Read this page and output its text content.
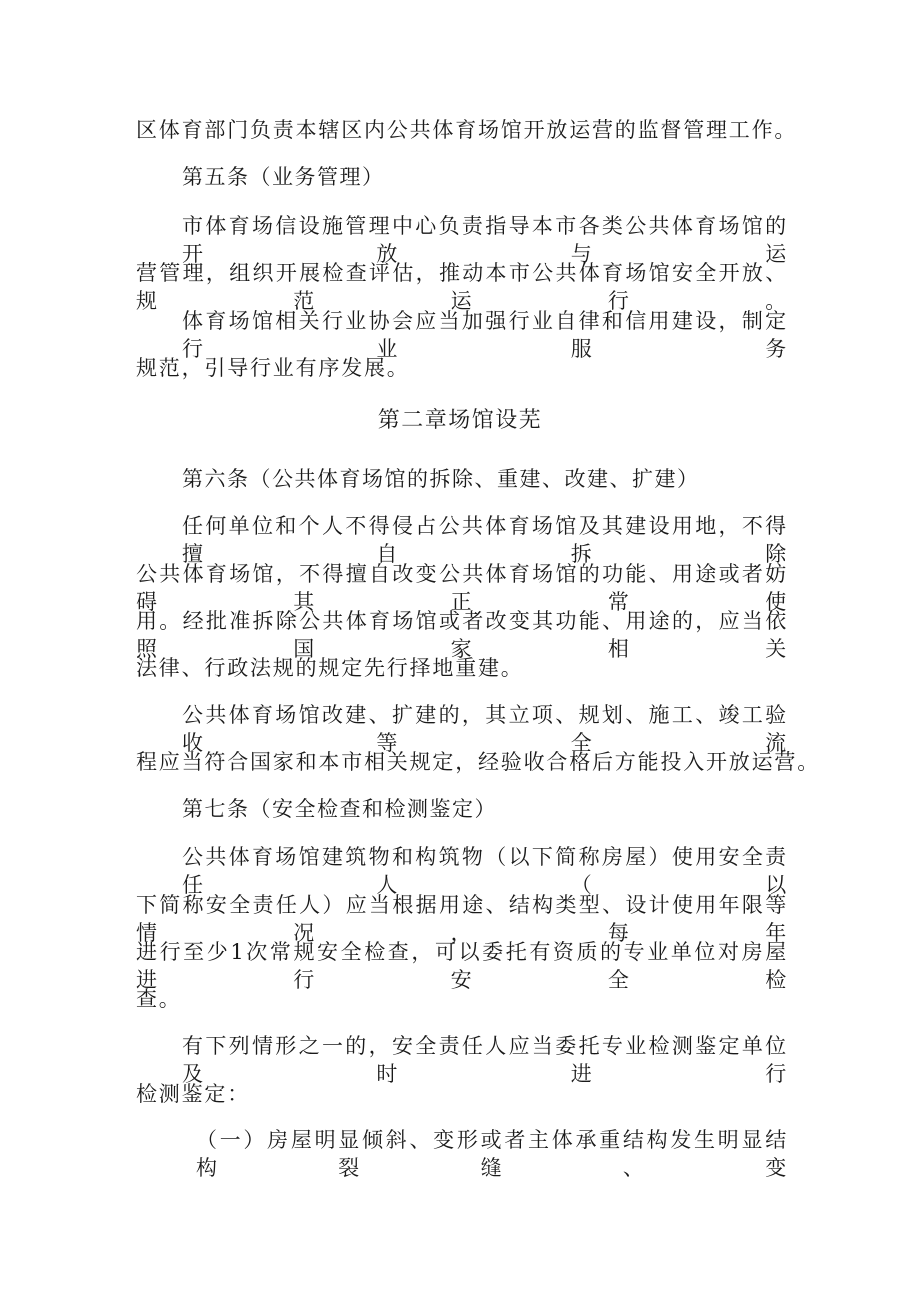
区体育部门负责本辖区内公共体育场馆开放运营的监督管理工作。
第五条（业务管理）
市体育场信设施管理中心负责指导本市各类公共体育场馆的开放与运
营管理，组织开展检查评估，推动本市公共体育场馆安全开放、规范运行。
体育场馆相关行业协会应当加强行业自律和信用建设，制定行业服务
规范，引导行业有序发展。
第二章场馆设芜
第六条（公共体育场馆的拆除、重建、改建、扩建）
任何单位和个人不得侵占公共体育场馆及其建设用地，不得擅自拆除
公共体育场馆，不得擅自改变公共体育场馆的功能、用途或者妨碍其正常使
用。经批准拆除公共体育场馆或者改变其功能、用途的，应当依照国家相关
法律、行政法规的规定先行择地重建。
公共体育场馆改建、扩建的，其立项、规划、施工、竣工验收等全流
程应当符合国家和本市相关规定，经验收合格后方能投入开放运营。
第七条（安全检查和检测鉴定）
公共体育场馆建筑物和构筑物（以下简称房屋）使用安全责任人（以
下简称安全责任人）应当根据用途、结构类型、设计使用年限等情况，每年
进行至少1次常规安全检查，可以委托有资质的专业单位对房屋进行安全检
查。
有下列情形之一的，安全责任人应当委托专业检测鉴定单位及时进行
检测鉴定：
（一）房屋明显倾斜、变形或者主体承重结构发生明显结构裂缝、变
